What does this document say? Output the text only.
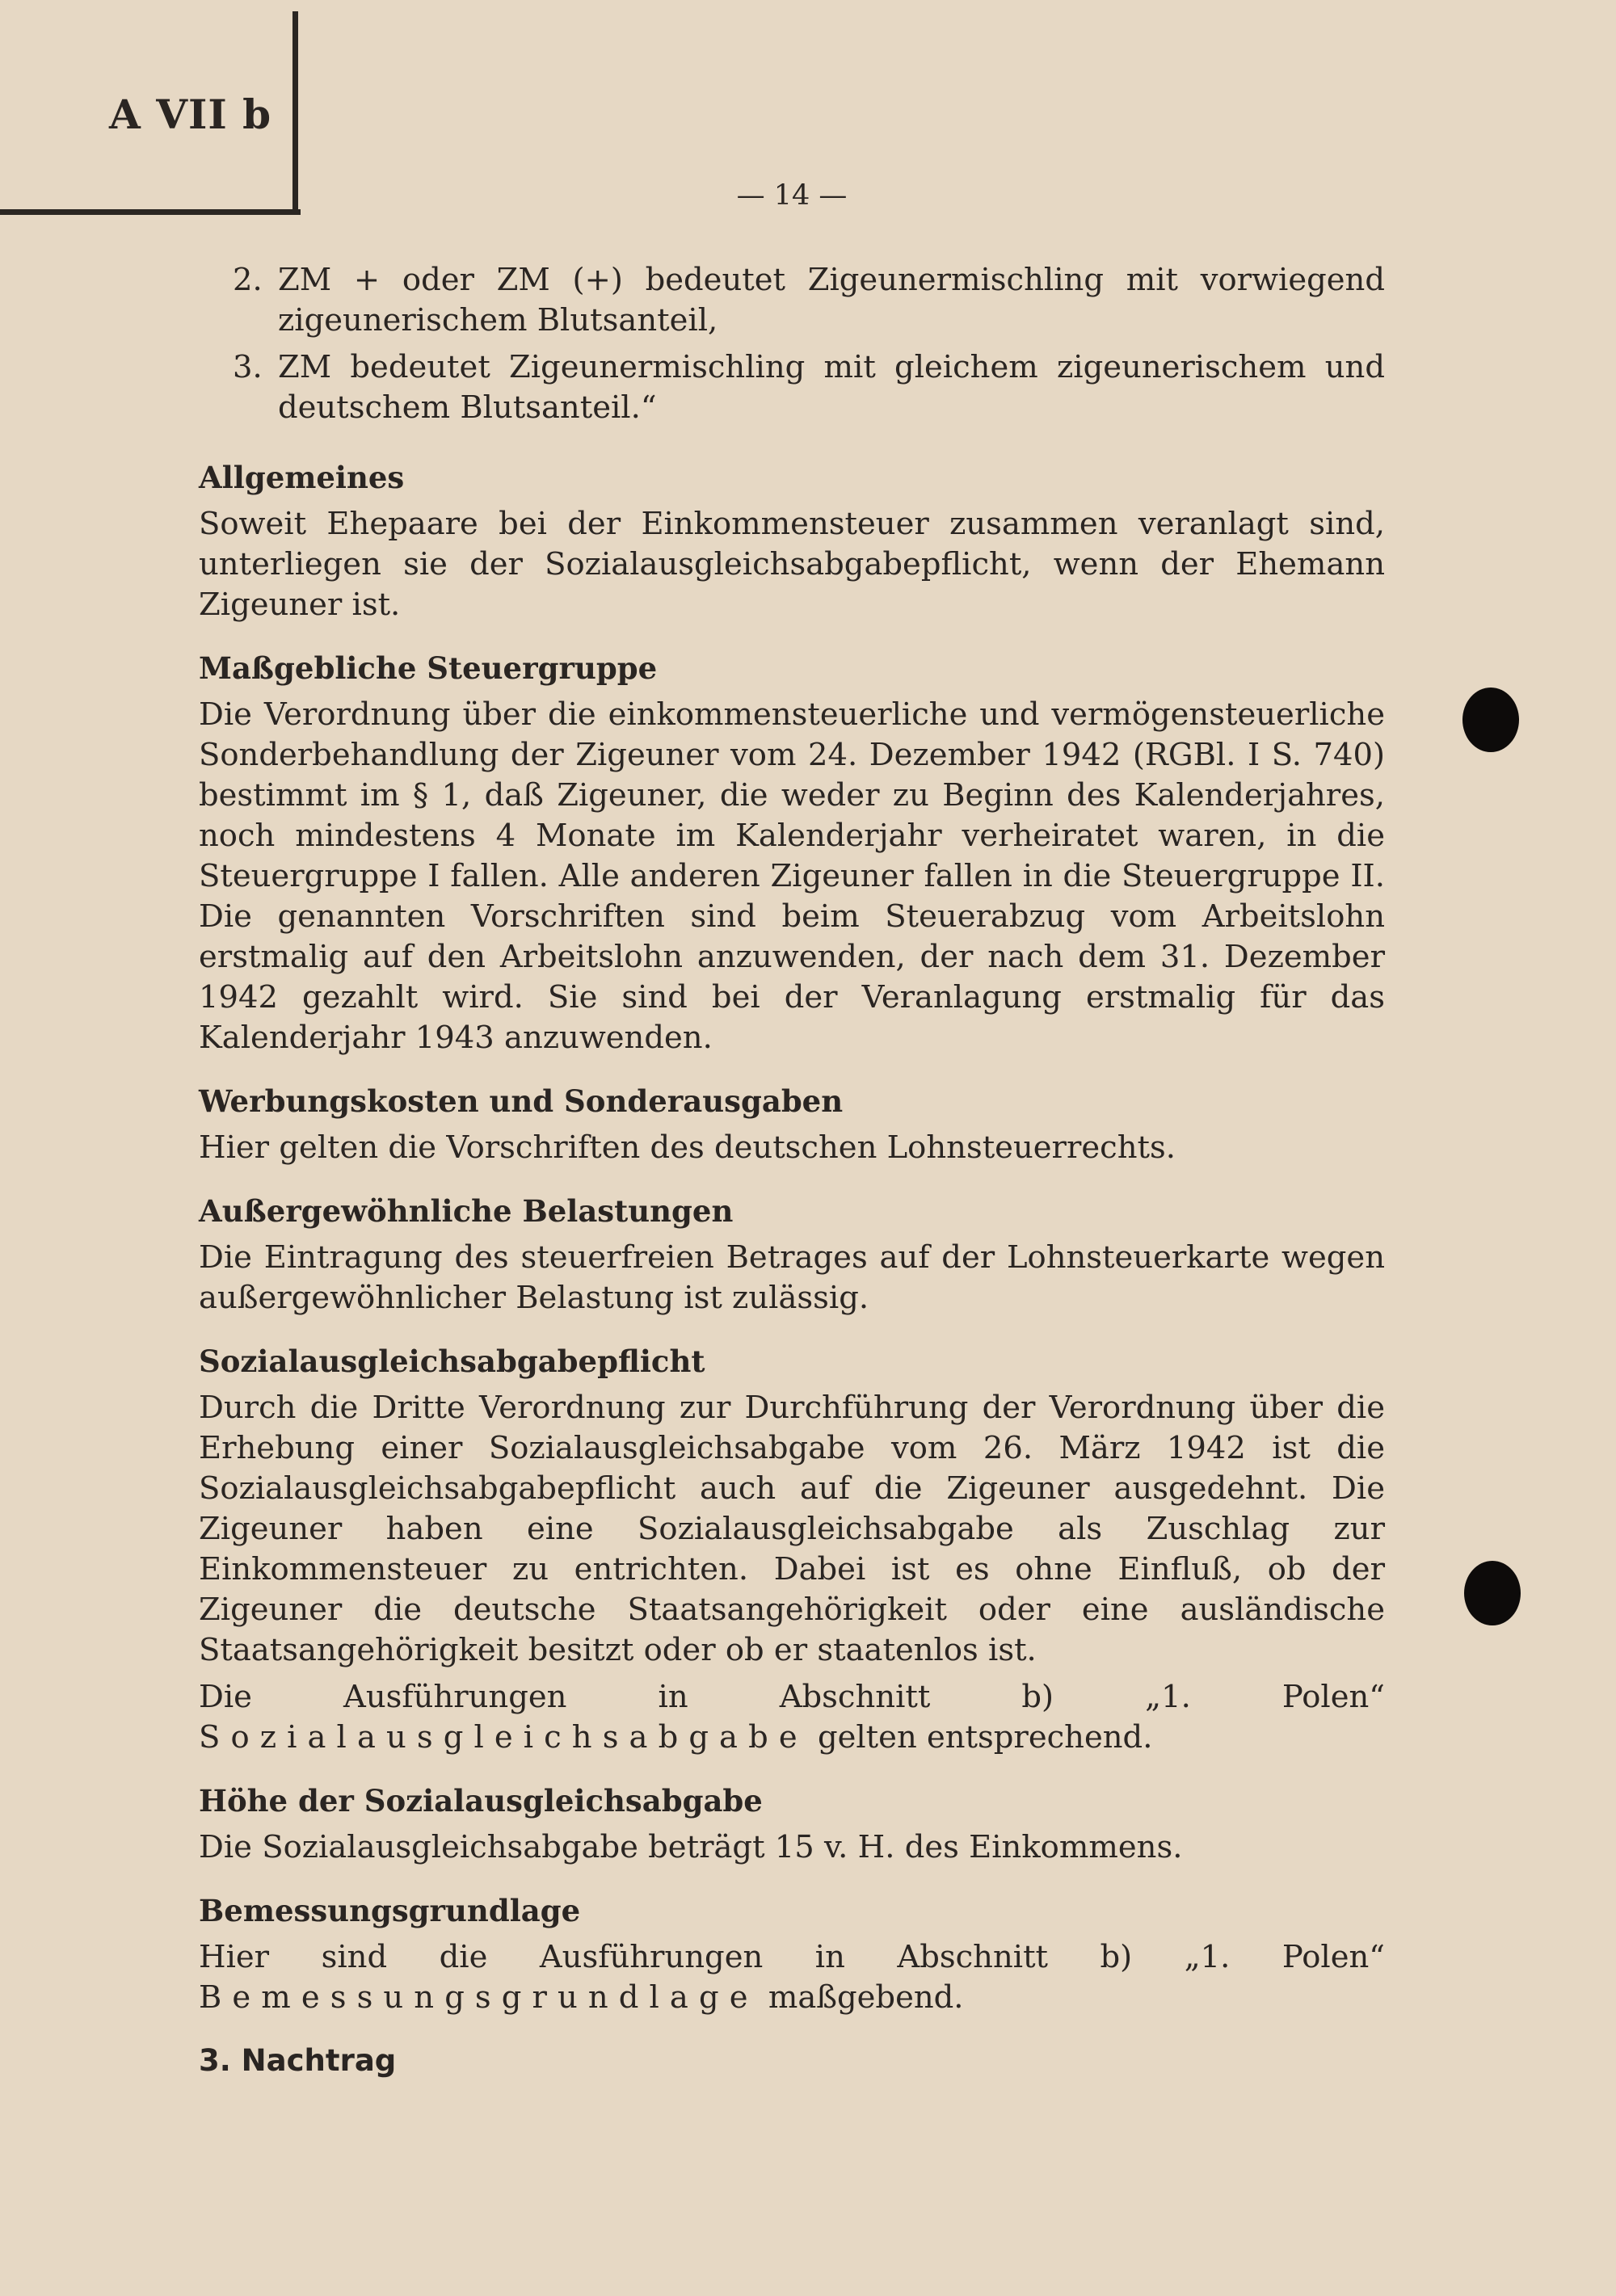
A VII b
— 14 —
2. ZM + oder ZM (+) bedeutet Zigeunermischling mit vorwiegend zigeunerischem Blutsanteil,
3. ZM bedeutet Zigeunermischling mit gleichem zigeunerischem und deutschem Blutsanteil.“
Allgemeines

Soweit Ehepaare bei der Einkommensteuer zusammen veranlagt sind, unterliegen sie der Sozialausgleichsabgabepflicht, wenn der Ehemann Zigeuner ist.

Maßgebliche Steuergruppe

Die Verordnung über die einkommensteuerliche und vermögensteuerliche Sonderbehandlung der Zigeuner vom 24. Dezember 1942 (RGBl. I S. 740) bestimmt im § 1, daß Zigeuner, die weder zu Beginn des Kalenderjahres, noch mindestens 4 Monate im Kalenderjahr verheiratet waren, in die Steuergruppe I fallen. Alle anderen Zigeuner fallen in die Steuergruppe II. Die genannten Vorschriften sind beim Steuerabzug vom Arbeitslohn erstmalig auf den Arbeitslohn anzuwenden, der nach dem 31. Dezember 1942 gezahlt wird. Sie sind bei der Veranlagung erstmalig für das Kalenderjahr 1943 anzuwenden.

Werbungskosten und Sonderausgaben

Hier gelten die Vorschriften des deutschen Lohnsteuerrechts.

Außergewöhnliche Belastungen

Die Eintragung des steuerfreien Betrages auf der Lohnsteuerkarte wegen außergewöhnlicher Belastung ist zulässig.

Sozialausgleichsabgabepflicht

Durch die Dritte Verordnung zur Durchführung der Verordnung über die Erhebung einer Sozialausgleichsabgabe vom 26. März 1942 ist die Sozialausgleichsabgabepflicht auch auf die Zigeuner ausgedehnt. Die Zigeuner haben eine Sozialausgleichsabgabe als Zuschlag zur Einkommensteuer zu entrichten. Dabei ist es ohne Einfluß, ob der Zigeuner die deutsche Staatsangehörigkeit oder eine ausländische Staatsangehörigkeit besitzt oder ob er staatenlos ist.

Die Ausführungen in Abschnitt b) „1. Polen“ Sozialausgleichsabgabe gelten entsprechend.

Höhe der Sozialausgleichsabgabe

Die Sozialausgleichsabgabe beträgt 15 v. H. des Einkommens.

Bemessungsgrundlage

Hier sind die Ausführungen in Abschnitt b) „1. Polen“ Bemessungsgrundlage maßgebend.

3. Nachtrag
